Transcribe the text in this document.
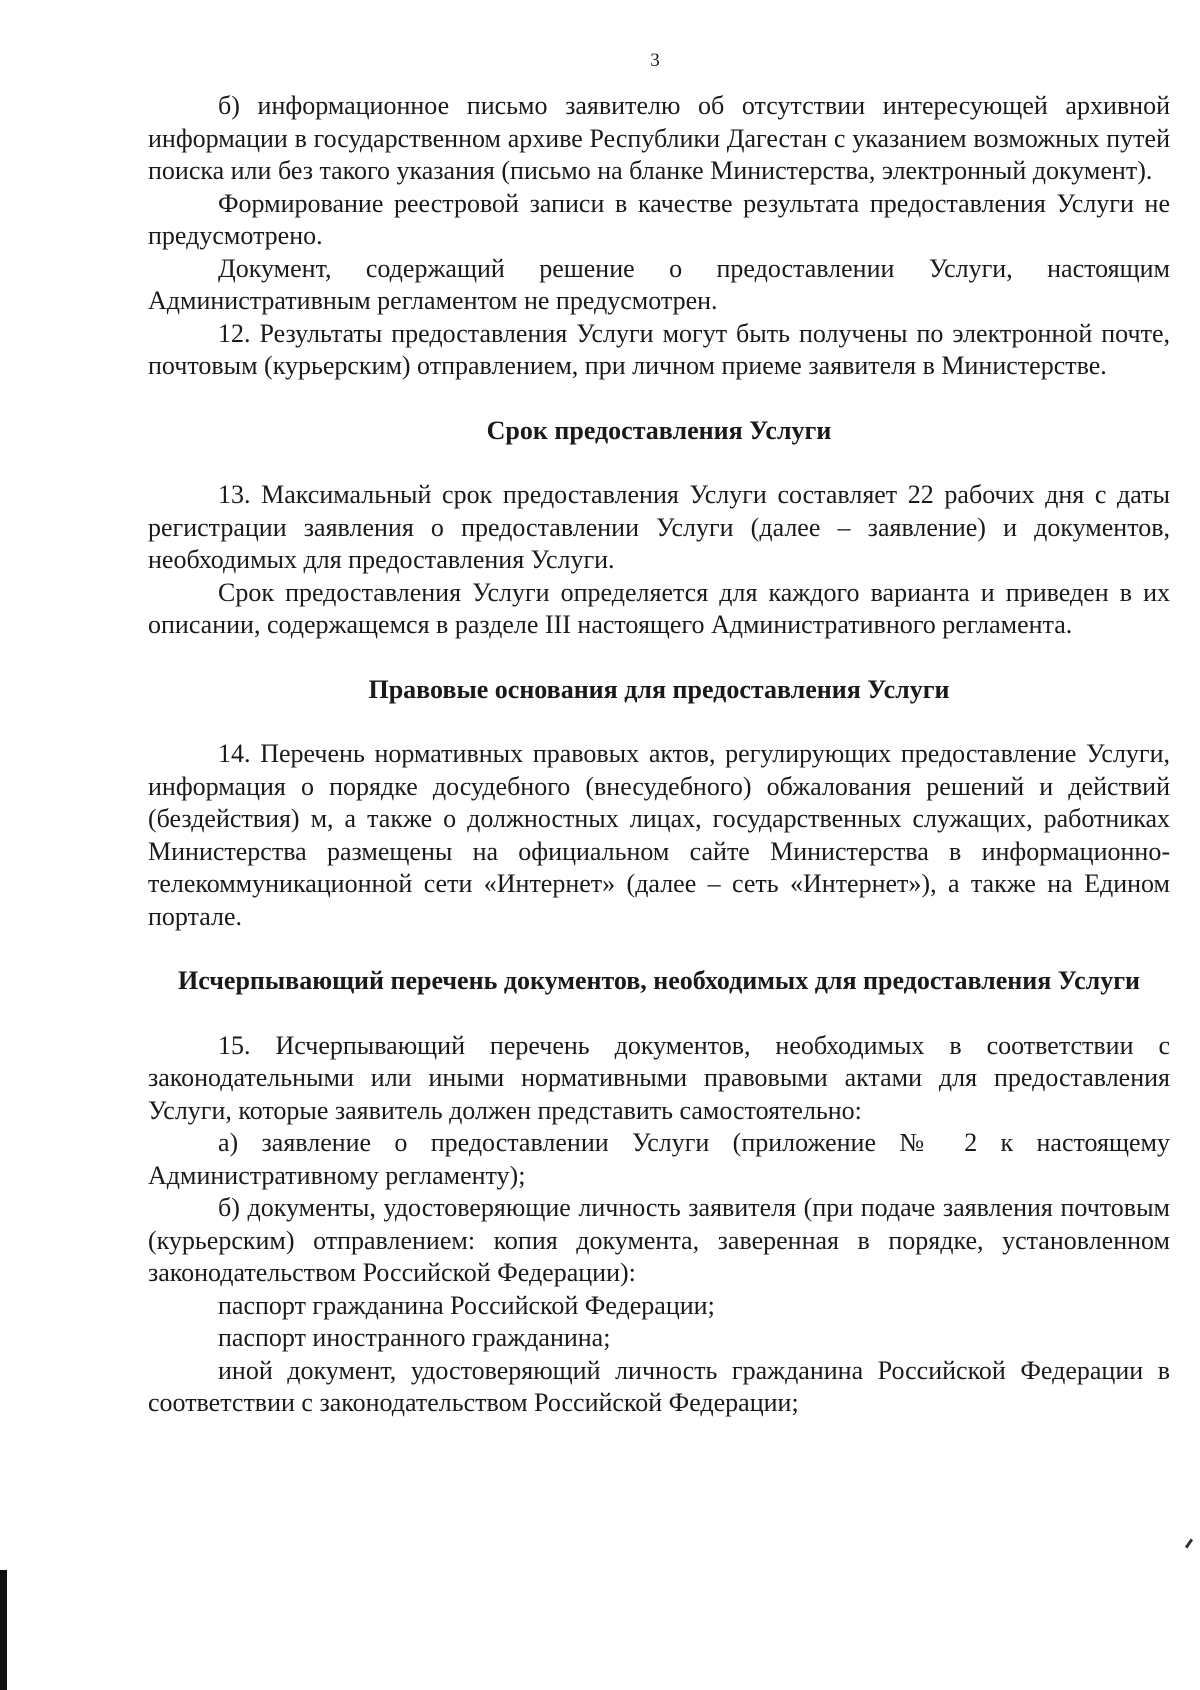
3

б) информационное письмо заявителю об отсутствии интересующей архивной информации в государственном архиве Республики Дагестан с указанием возможных путей поиска или без такого указания (письмо на бланке Министерства, электронный документ).

Формирование реестровой записи в качестве результата предоставления Услуги не предусмотрено.

Документ, содержащий решение о предоставлении Услуги, настоящим Административным регламентом не предусмотрен.

12. Результаты предоставления Услуги могут быть получены по электронной почте, почтовым (курьерским) отправлением, при личном приеме заявителя в Министерстве.

Срок предоставления Услуги

13. Максимальный срок предоставления Услуги составляет 22 рабочих дня с даты регистрации заявления о предоставлении Услуги (далее – заявление) и документов, необходимых для предоставления Услуги.

Срок предоставления Услуги определяется для каждого варианта и приведен в их описании, содержащемся в разделе III настоящего Административного регламента.

Правовые основания для предоставления Услуги

14. Перечень нормативных правовых актов, регулирующих предоставление Услуги, информация о порядке досудебного (внесудебного) обжалования решений и действий (бездействия) м, а также о должностных лицах, государственных служащих, работниках Министерства размещены на официальном сайте Министерства в информационно-телекоммуникационной сети «Интернет» (далее – сеть «Интернет»), а также на Едином портале.

Исчерпывающий перечень документов, необходимых для предоставления Услуги

15. Исчерпывающий перечень документов, необходимых в соответствии с законодательными или иными нормативными правовыми актами для предоставления Услуги, которые заявитель должен представить самостоятельно:

а) заявление о предоставлении Услуги (приложение № 2 к настоящему Административному регламенту);

б) документы, удостоверяющие личность заявителя (при подаче заявления почтовым (курьерским) отправлением: копия документа, заверенная в порядке, установленном законодательством Российской Федерации):

паспорт гражданина Российской Федерации;

паспорт иностранного гражданина;

иной документ, удостоверяющий личность гражданина Российской Федерации в соответствии с законодательством Российской Федерации;
